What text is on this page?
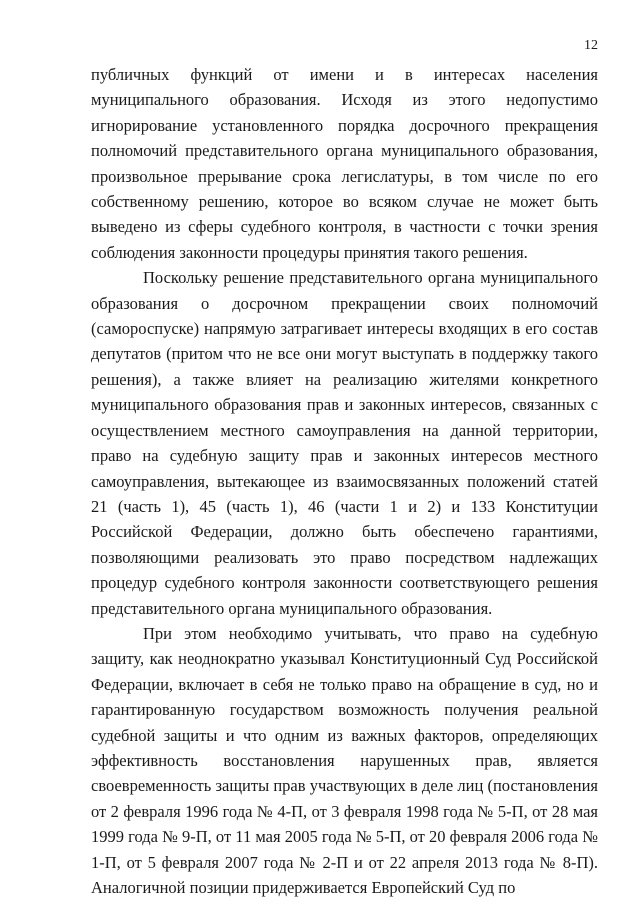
12

публичных функций от имени и в интересах населения муниципального образования. Исходя из этого недопустимо игнорирование установленного порядка досрочного прекращения полномочий представительного органа муниципального образования, произвольное прерывание срока легислатуры, в том числе по его собственному решению, которое во всяком случае не может быть выведено из сферы судебного контроля, в частности с точки зрения соблюдения законности процедуры принятия такого решения.

Поскольку решение представительного органа муниципального образования о досрочном прекращении своих полномочий (самороспуске) напрямую затрагивает интересы входящих в его состав депутатов (притом что не все они могут выступать в поддержку такого решения), а также влияет на реализацию жителями конкретного муниципального образования прав и законных интересов, связанных с осуществлением местного самоуправления на данной территории, право на судебную защиту прав и законных интересов местного самоуправления, вытекающее из взаимосвязанных положений статей 21 (часть 1), 45 (часть 1), 46 (части 1 и 2) и 133 Конституции Российской Федерации, должно быть обеспечено гарантиями, позволяющими реализовать это право посредством надлежащих процедур судебного контроля законности соответствующего решения представительного органа муниципального образования.

При этом необходимо учитывать, что право на судебную защиту, как неоднократно указывал Конституционный Суд Российской Федерации, включает в себя не только право на обращение в суд, но и гарантированную государством возможность получения реальной судебной защиты и что одним из важных факторов, определяющих эффективность восстановления нарушенных прав, является своевременность защиты прав участвующих в деле лиц (постановления от 2 февраля 1996 года № 4-П, от 3 февраля 1998 года № 5-П, от 28 мая 1999 года № 9-П, от 11 мая 2005 года № 5-П, от 20 февраля 2006 года № 1-П, от 5 февраля 2007 года № 2-П и от 22 апреля 2013 года № 8-П). Аналогичной позиции придерживается Европейский Суд по
